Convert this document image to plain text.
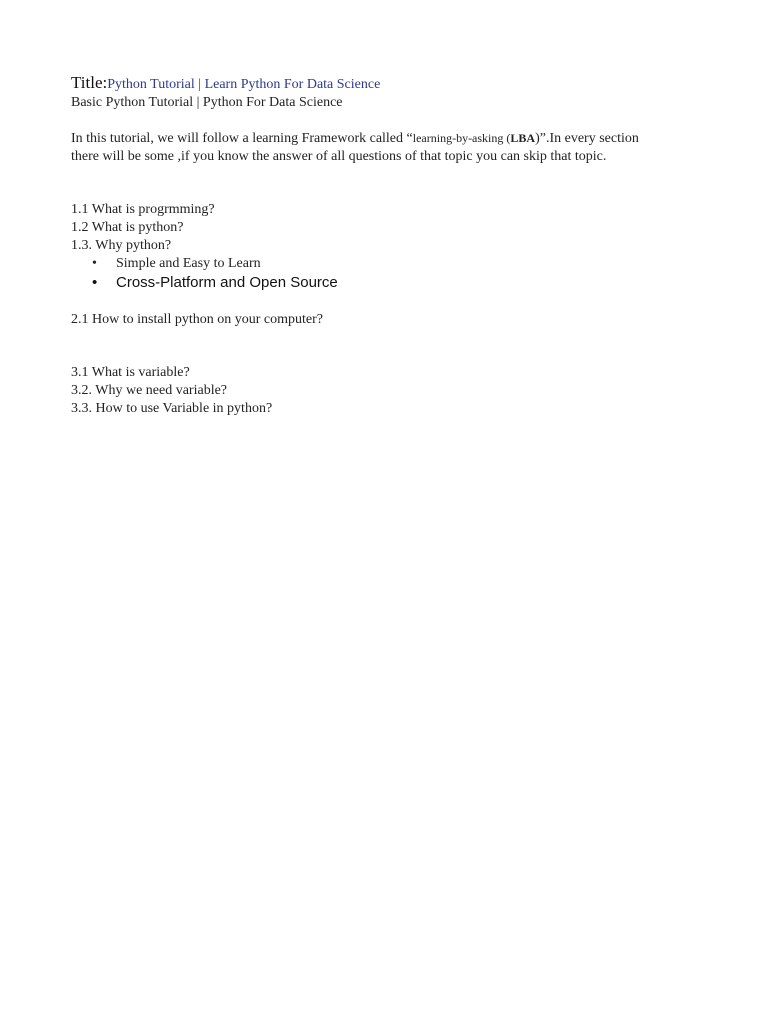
Title:Python Tutorial | Learn Python For Data Science
Basic Python Tutorial | Python For Data Science
In this tutorial, we will follow a learning Framework called “learning-by-asking (LBA)”.In every section
there will be some ,if you know the answer of all questions of that topic you can skip that topic.
1.1 What is progrmming?
1.2 What is python?
1.3. Why python?
• Simple and Easy to Learn
• Cross-Platform and Open Source
2.1 How to install python on your computer?
3.1 What is variable?
3.2. Why we need variable?
3.3. How to use Variable in python?
